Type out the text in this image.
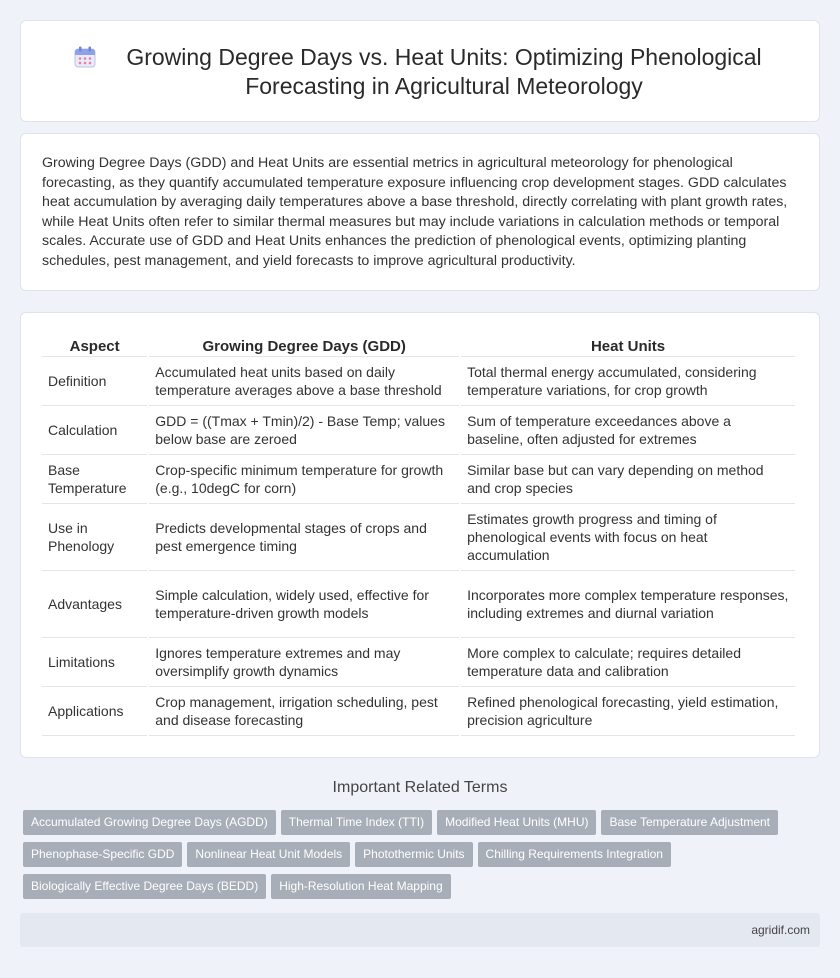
Growing Degree Days vs. Heat Units: Optimizing Phenological Forecasting in Agricultural Meteorology

Growing Degree Days (GDD) and Heat Units are essential metrics in agricultural meteorology for phenological forecasting, as they quantify accumulated temperature exposure influencing crop development stages. GDD calculates heat accumulation by averaging daily temperatures above a base threshold, directly correlating with plant growth rates, while Heat Units often refer to similar thermal measures but may include variations in calculation methods or temporal scales. Accurate use of GDD and Heat Units enhances the prediction of phenological events, optimizing planting schedules, pest management, and yield forecasts to improve agricultural productivity.

Aspect	Growing Degree Days (GDD)	Heat Units
Definition	Accumulated heat units based on daily temperature averages above a base threshold	Total thermal energy accumulated, considering temperature variations, for crop growth
Calculation	GDD = ((Tmax + Tmin)/2) - Base Temp; values below base are zeroed	Sum of temperature exceedances above a baseline, often adjusted for extremes
Base Temperature	Crop-specific minimum temperature for growth (e.g., 10degC for corn)	Similar base but can vary depending on method and crop species
Use in Phenology	Predicts developmental stages of crops and pest emergence timing	Estimates growth progress and timing of phenological events with focus on heat accumulation
Advantages	Simple calculation, widely used, effective for temperature-driven growth models	Incorporates more complex temperature responses, including extremes and diurnal variation
Limitations	Ignores temperature extremes and may oversimplify growth dynamics	More complex to calculate; requires detailed temperature data and calibration
Applications	Crop management, irrigation scheduling, pest and disease forecasting	Refined phenological forecasting, yield estimation, precision agriculture
Important Related Terms
Accumulated Growing Degree Days (AGDD) Thermal Time Index (TTI) Modified Heat Units (MHU) Base Temperature Adjustment
Phenophase-Specific GDD Nonlinear Heat Unit Models Photothermic Units Chilling Requirements Integration
Biologically Effective Degree Days (BEDD) High-Resolution Heat Mapping
agridif.com
